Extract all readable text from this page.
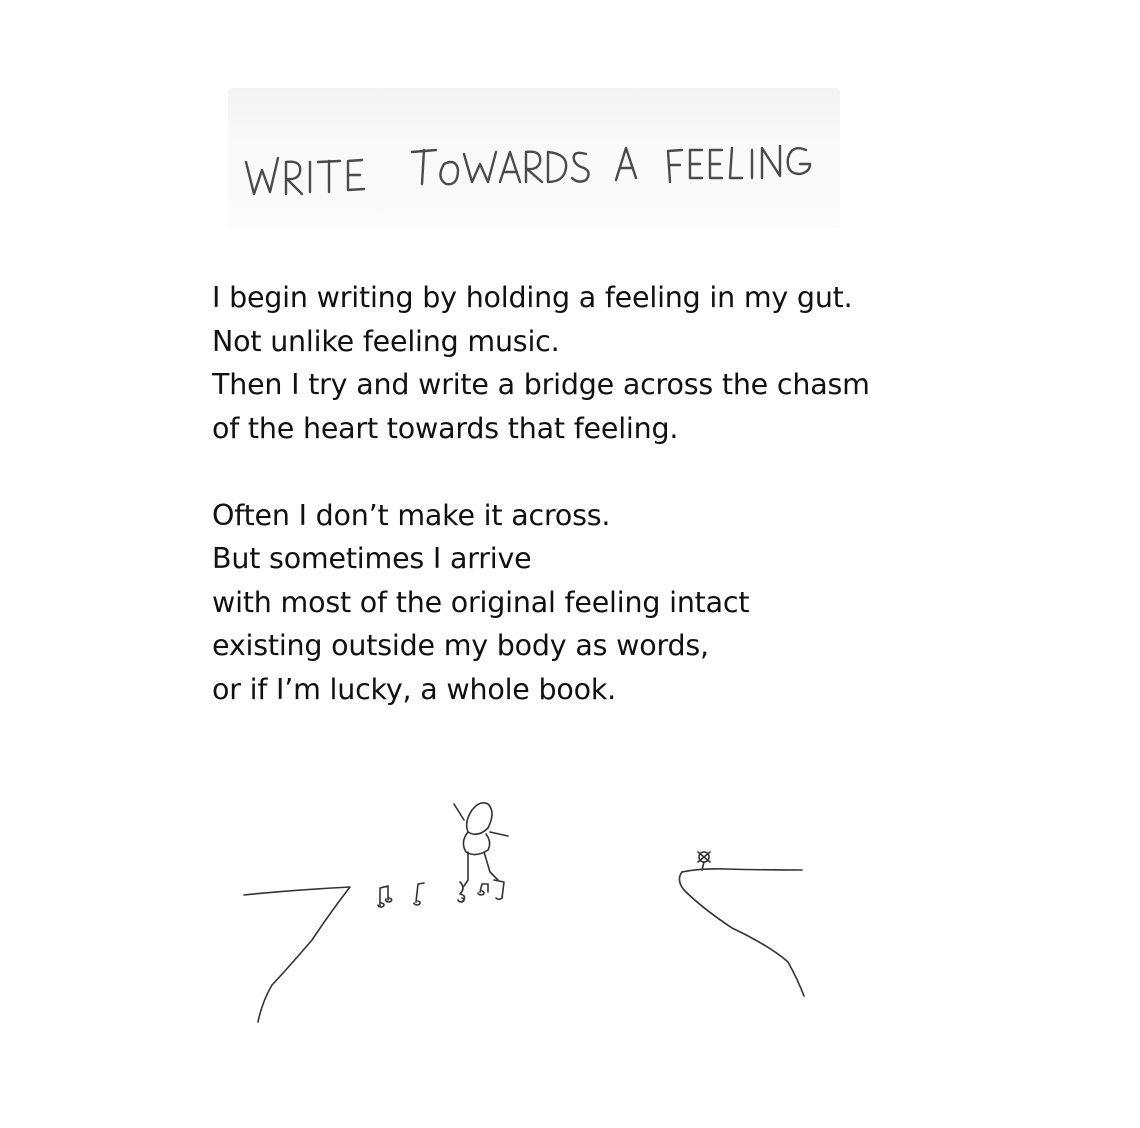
I begin writing by holding a feeling in my gut.
Not unlike feeling music.
Then I try and write a bridge across the chasm
of the heart towards that feeling.

Often I don’t make it across.
But sometimes I arrive
with most of the original feeling intact
existing outside my body as words,
or if I’m lucky, a whole book.
